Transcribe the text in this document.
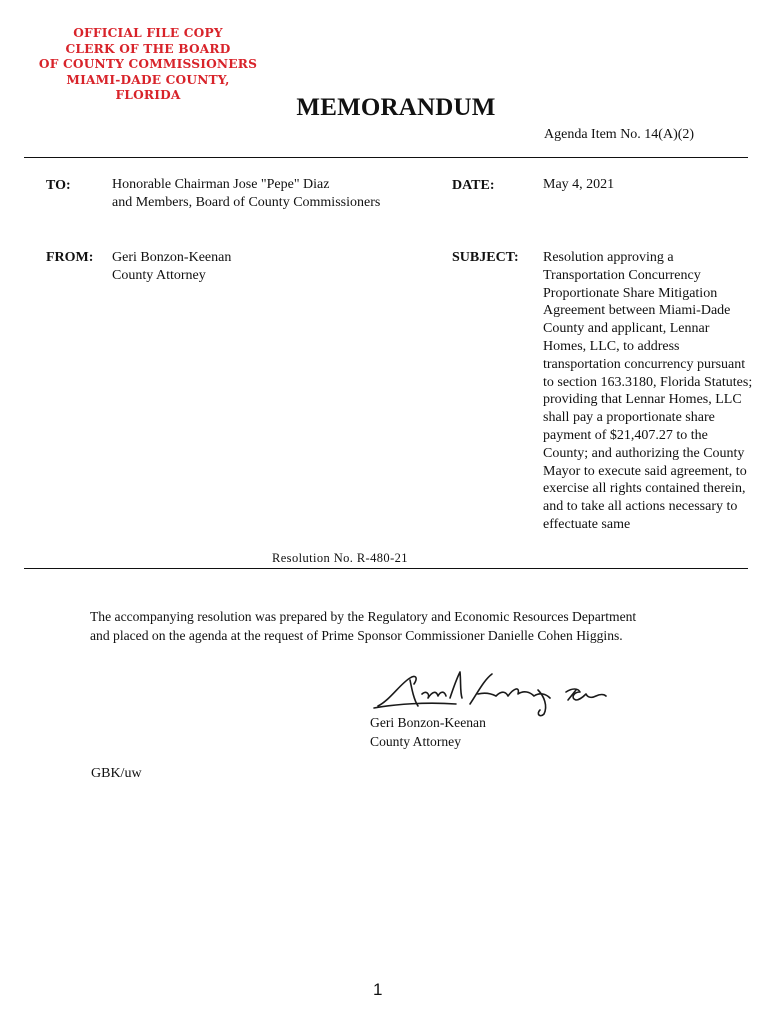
OFFICIAL FILE COPY
CLERK OF THE BOARD
OF COUNTY COMMISSIONERS
MIAMI-DADE COUNTY, FLORIDA	MEMORANDUM
Agenda Item No. 14(A)(2)
TO:	Honorable Chairman Jose "Pepe" Diaz
and Members, Board of County Commissioners
DATE:	May 4, 2021
FROM: Geri Bonzon-Keenan
County Attorney
SUBJECT: Resolution approving a Transportation Concurrency Proportionate Share Mitigation Agreement between Miami-Dade County and applicant, Lennar Homes, LLC, to address transportation concurrency pursuant to section 163.3180, Florida Statutes; providing that Lennar Homes, LLC shall pay a proportionate share payment of $21,407.27 to the County; and authorizing the County Mayor to execute said agreement, to exercise all rights contained therein, and to take all actions necessary to effectuate same
Resolution No. R-480-21
The accompanying resolution was prepared by the Regulatory and Economic Resources Department
and placed on the agenda at the request of Prime Sponsor Commissioner Danielle Cohen Higgins.
Geri Bonzon-Keenan
County Attorney
GBK/uw
1
